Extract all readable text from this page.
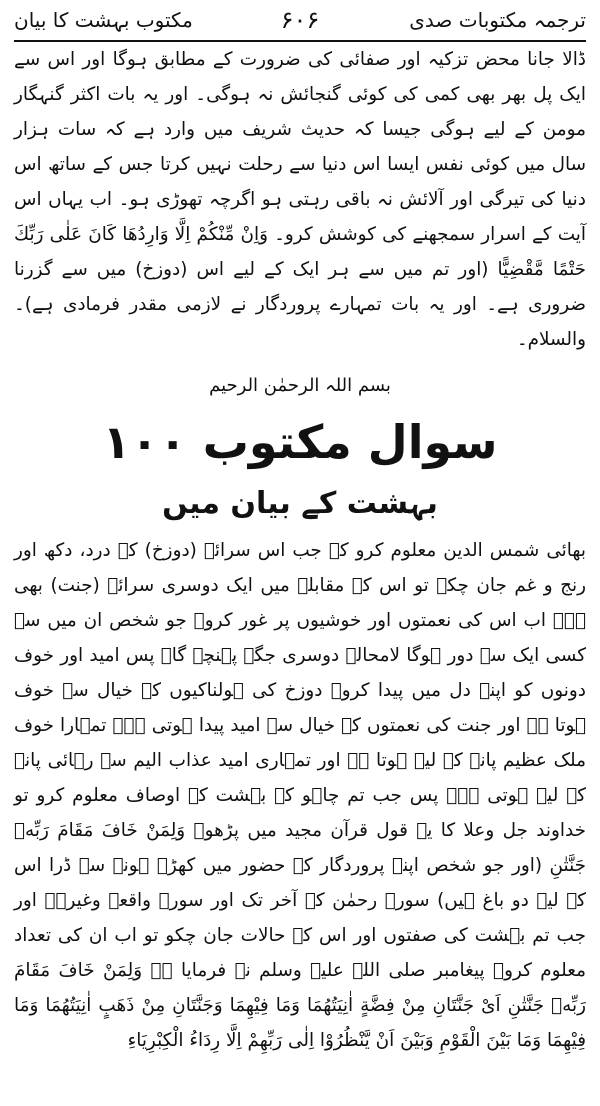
ترجمہ مکتوبات صدی
۶۰۶
مکتوب بہشت کا بیان

ڈالا جانا محض تزکیہ اور صفائی کی ضرورت کے مطابق ہوگا اور اس سے ایک پل بھر بھی کمی کی کوئی گنجائش نہ ہوگی۔ اور یہ بات اکثر گنہگار مومن کے لیے ہوگی جیسا کہ حدیث شریف میں وارد ہے کہ سات ہزار سال میں کوئی نفس ایسا اس دنیا سے رحلت نہیں کرتا جس کے ساتھ اس دنیا کی تیرگی اور آلائش نہ باقی رہتی ہو اگرچہ تھوڑی ہو۔ اب یہاں اس آیت کے اسرار سمجھنے کی کوشش کرو۔ وَاِنْ مِّنْكُمْ اِلَّا وَارِدُهَا كَانَ عَلٰى رَبِّكَ حَتْمًا مَّقْضِيًّا (اور تم میں سے ہر ایک کے لیے اس (دوزخ) میں سے گزرنا ضروری ہے۔ اور یہ بات تمہارے پروردگار نے لازمی مقدر فرمادی ہے)۔ والسلام۔

بسم اللہ الرحمٰن الرحیم
سوال مکتوب ۱۰۰
بہشت کے بیان میں

بھائی شمس الدین معلوم کرو کہ جب اس سرائے (دوزخ) کے درد، دکھ اور رنج و غم جان چکے تو اس کے مقابلے میں ایک دوسری سرائے (جنت) بھی ہے۔ اب اس کی نعمتوں اور خوشیوں پر غور کرو۔ جو شخص ان میں سے کسی ایک سے دور ہوگا لامحالہ دوسری جگہ پہنچے گا۔ پس امید اور خوف دونوں کو اپنے دل میں پیدا کرو۔ دوزخ کی ہولناکیوں کے خیال سے خوف ہوتا ہے اور جنت کی نعمتوں کے خیال سے امید پیدا ہوتی ہے۔ تمہارا خوف ملک عظیم پانے کے لیے ہوتا ہے اور تمہاری امید عذاب الیم سے رہائی پانے کے لیے ہوتی ہے۔ پس جب تم چاہو کہ بہشت کے اوصاف معلوم کرو تو خداوند جل وعلا کا یہ قول قرآن مجید میں پڑھو۔ وَلِمَنْ خَافَ مَقَامَ رَبِّهٖ جَنَّتٰنِ (اور جو شخص اپنے پروردگار کے حضور میں کھڑے ہونے سے ڈرا اس کے لیے دو باغ ہیں) سورۂ رحمٰن کے آخر تک اور سورۂ واقعہ وغیرہ۔ اور جب تم بہشت کی صفتوں اور اس کے حالات جان چکو تو اب ان کی تعداد معلوم کرو۔ پیغامبر صلی اللہ علیہ وسلم نے فرمایا ہے وَلِمَنْ خَافَ مَقَامَ رَبِّهٖ جَنَّتٰنِ اَیْ جَنَّتَانِ مِنْ فِضَّةٍ اٰنِيَتُهُمَا وَمَا فِيْهِمَا وَجَنَّتَانِ مِنْ ذَهَبٍ اٰنِيَتُهُمَا وَمَا فِيْهِمَا وَمَا بَيْنَ الْقَوْمِ وَبَيْنَ اَنْ يَّنْظُرُوْا اِلٰى رَبِّهِمْ اِلَّا رِدَاءُ الْكِبْرِيَاءِ
